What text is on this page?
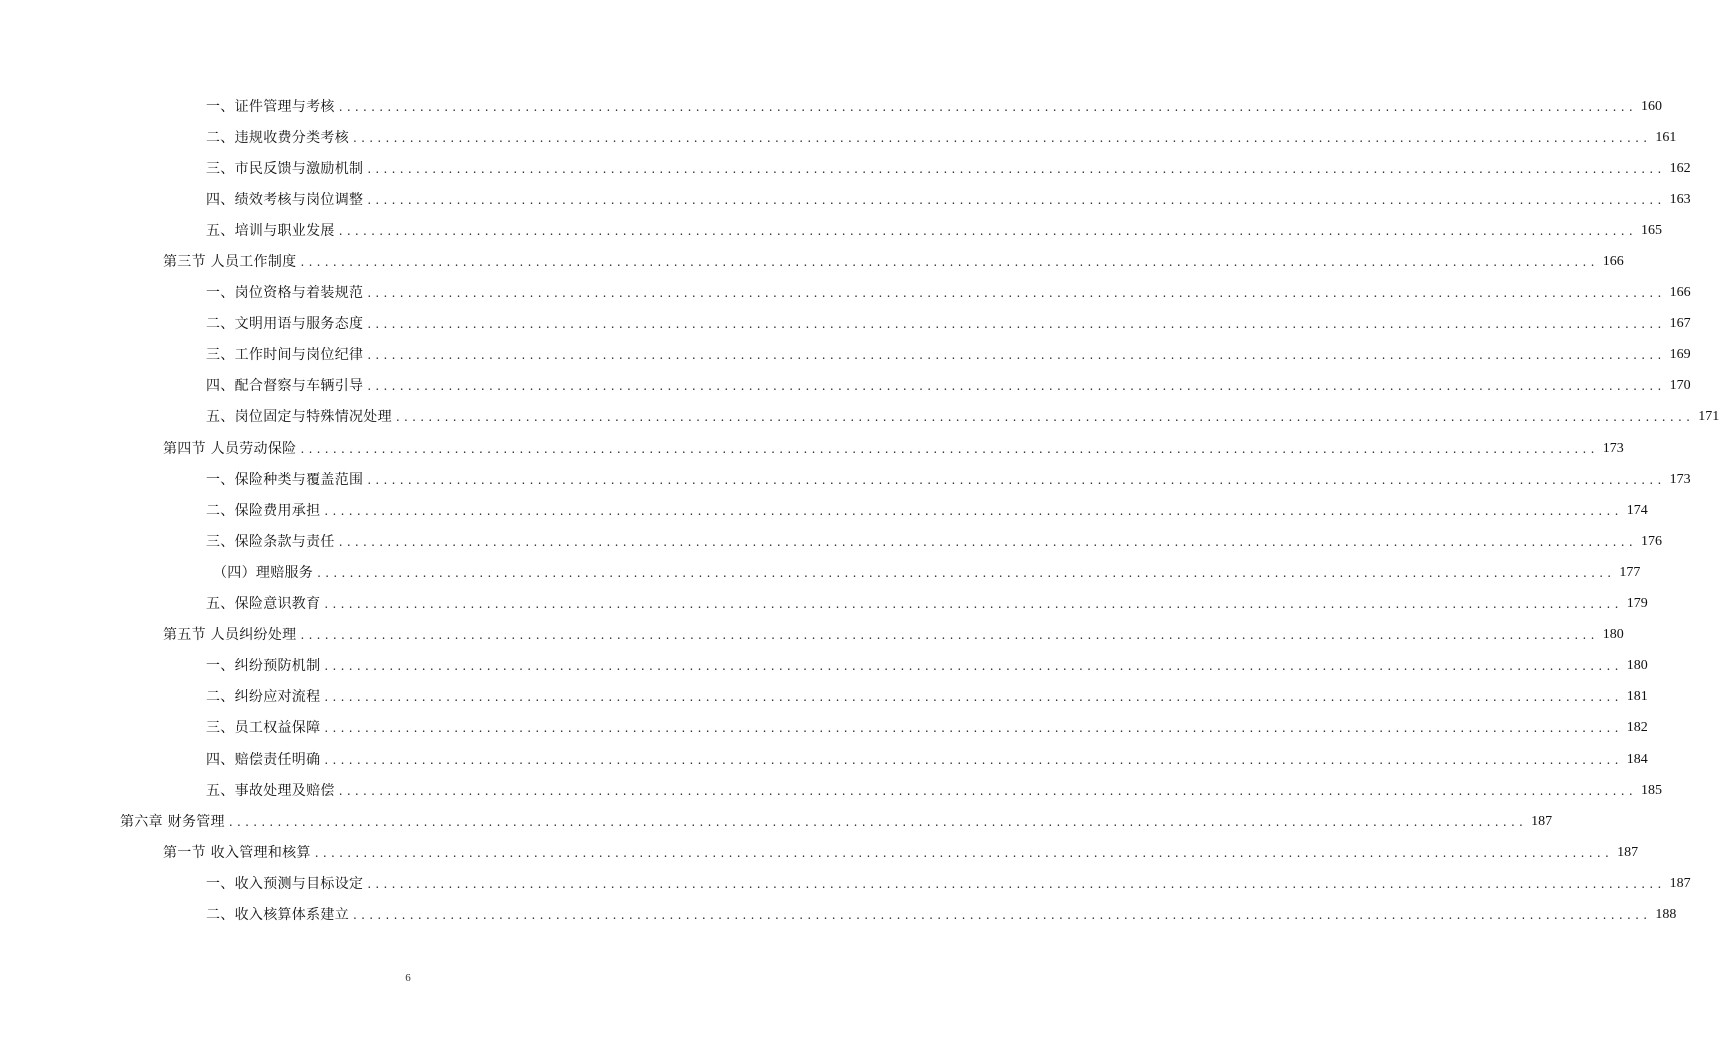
一、证件管理与考核 ................................................................................................................................................................ 160
二、违规收费分类考核 ................................................................................................................................................................ 161
三、市民反馈与激励机制 ................................................................................................................................................................ 162
四、绩效考核与岗位调整 ................................................................................................................................................................ 163
五、培训与职业发展 ................................................................................................................................................................ 165
第三节 人员工作制度 ................................................................................................................................................................ 166
一、岗位资格与着装规范 ................................................................................................................................................................ 166
二、文明用语与服务态度 ................................................................................................................................................................ 167
三、工作时间与岗位纪律 ................................................................................................................................................................ 169
四、配合督察与车辆引导 ................................................................................................................................................................ 170
五、岗位固定与特殊情况处理 ................................................................................................................................................................ 171
第四节 人员劳动保险 ................................................................................................................................................................ 173
一、保险种类与覆盖范围 ................................................................................................................................................................ 173
二、保险费用承担 ................................................................................................................................................................ 174
三、保险条款与责任 ................................................................................................................................................................ 176
（四）理赔服务 ................................................................................................................................................................ 177
五、保险意识教育 ................................................................................................................................................................ 179
第五节 人员纠纷处理 ................................................................................................................................................................ 180
一、纠纷预防机制 ................................................................................................................................................................ 180
二、纠纷应对流程 ................................................................................................................................................................ 181
三、员工权益保障 ................................................................................................................................................................ 182
四、赔偿责任明确 ................................................................................................................................................................ 184
五、事故处理及赔偿 ................................................................................................................................................................ 185
第六章 财务管理 ................................................................................................................................................................ 187
第一节 收入管理和核算 ................................................................................................................................................................ 187
一、收入预测与目标设定 ................................................................................................................................................................ 187
二、收入核算体系建立 ................................................................................................................................................................ 188
6
